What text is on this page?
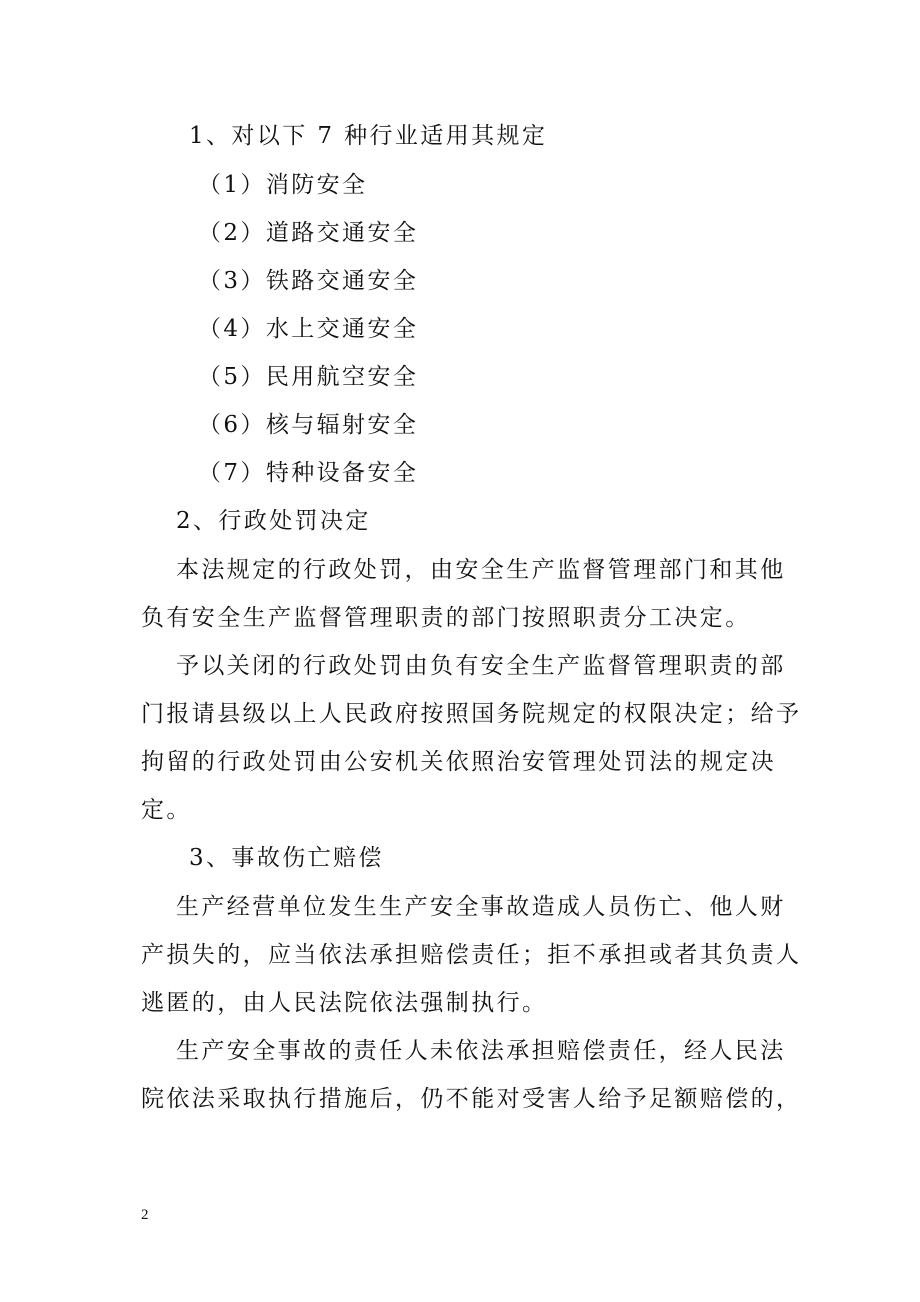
1、对以下 7 种行业适用其规定
（1）消防安全
（2）道路交通安全
（3）铁路交通安全
（4）水上交通安全
（5）民用航空安全
（6）核与辐射安全
（7）特种设备安全
2、行政处罚决定
本法规定的行政处罚，由安全生产监督管理部门和其他
负有安全生产监督管理职责的部门按照职责分工决定。
予以关闭的行政处罚由负有安全生产监督管理职责的部
门报请县级以上人民政府按照国务院规定的权限决定；给予
拘留的行政处罚由公安机关依照治安管理处罚法的规定决
定。
3、事故伤亡赔偿
生产经营单位发生生产安全事故造成人员伤亡、他人财
产损失的，应当依法承担赔偿责任；拒不承担或者其负责人
逃匿的，由人民法院依法强制执行。
生产安全事故的责任人未依法承担赔偿责任，经人民法
院依法采取执行措施后，仍不能对受害人给予足额赔偿的，
2
